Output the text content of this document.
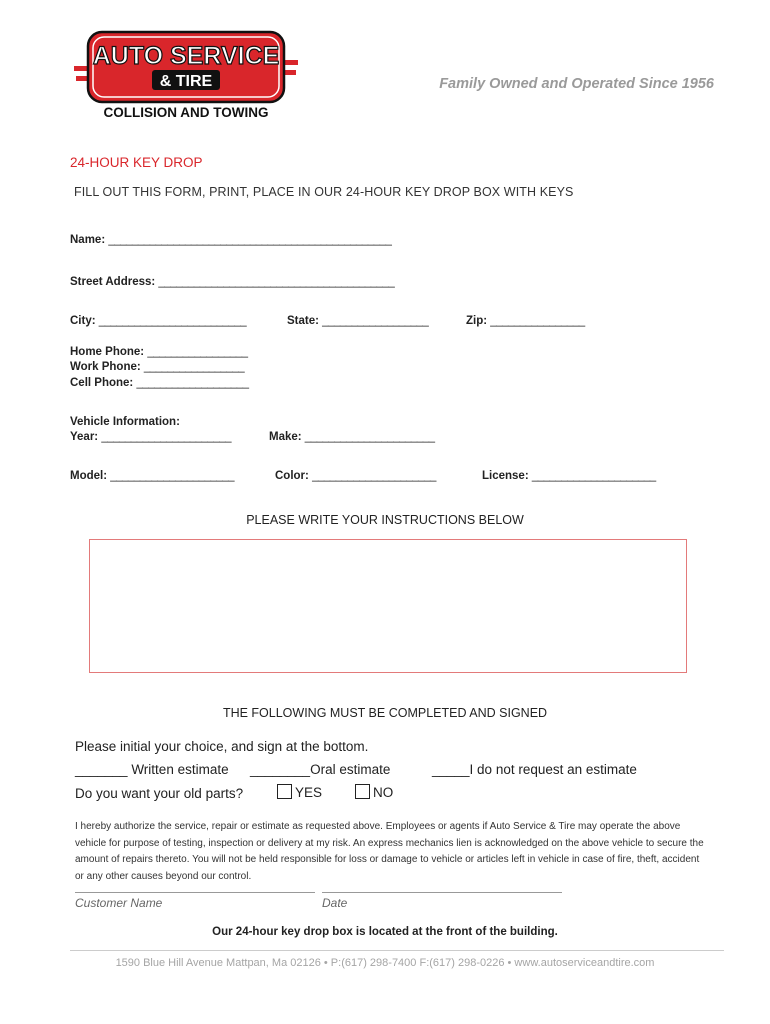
AUTO SERVICE
& TIRE
COLLISION AND TOWING
Family Owned and Operated Since 1956
24-HOUR KEY DROP
FILL OUT THIS FORM, PRINT, PLACE IN OUR 24-HOUR KEY DROP BOX WITH KEYS
Name: ________________________________________________
Street Address: ________________________________________
City: _________________________	State: __________________	Zip: ________________
Home Phone: _________________
Work Phone: _________________
Cell Phone: ___________________
Vehicle Information:
Year: ______________________	Make: ______________________
Model: _____________________	Color: _____________________	License: _____________________
PLEASE WRITE YOUR INSTRUCTIONS BELOW
THE FOLLOWING MUST BE COMPLETED AND SIGNED
Please initial your choice, and sign at the bottom.
_______ Written estimate ________Oral estimate	_____I do not request an estimate
Do you want your old parts?	YES	NO
I hereby authorize the service, repair or estimate as requested above. Employees or agents if Auto Service & Tire may operate the above vehicle for purpose of testing, inspection or delivery at my risk. An express mechanics lien is acknowledged on the above vehicle to secure the amount of repairs thereto. You will not be held responsible for loss or damage to vehicle or articles left in vehicle in case of fire, theft, accident or any other causes beyond our control.
Customer Name	Date
Our 24-hour key drop box is located at the front of the building.
1590 Blue Hill Avenue Mattpan, Ma 02126 • P:(617) 298-7400 F:(617) 298-0226 • www.autoserviceandtire.com
